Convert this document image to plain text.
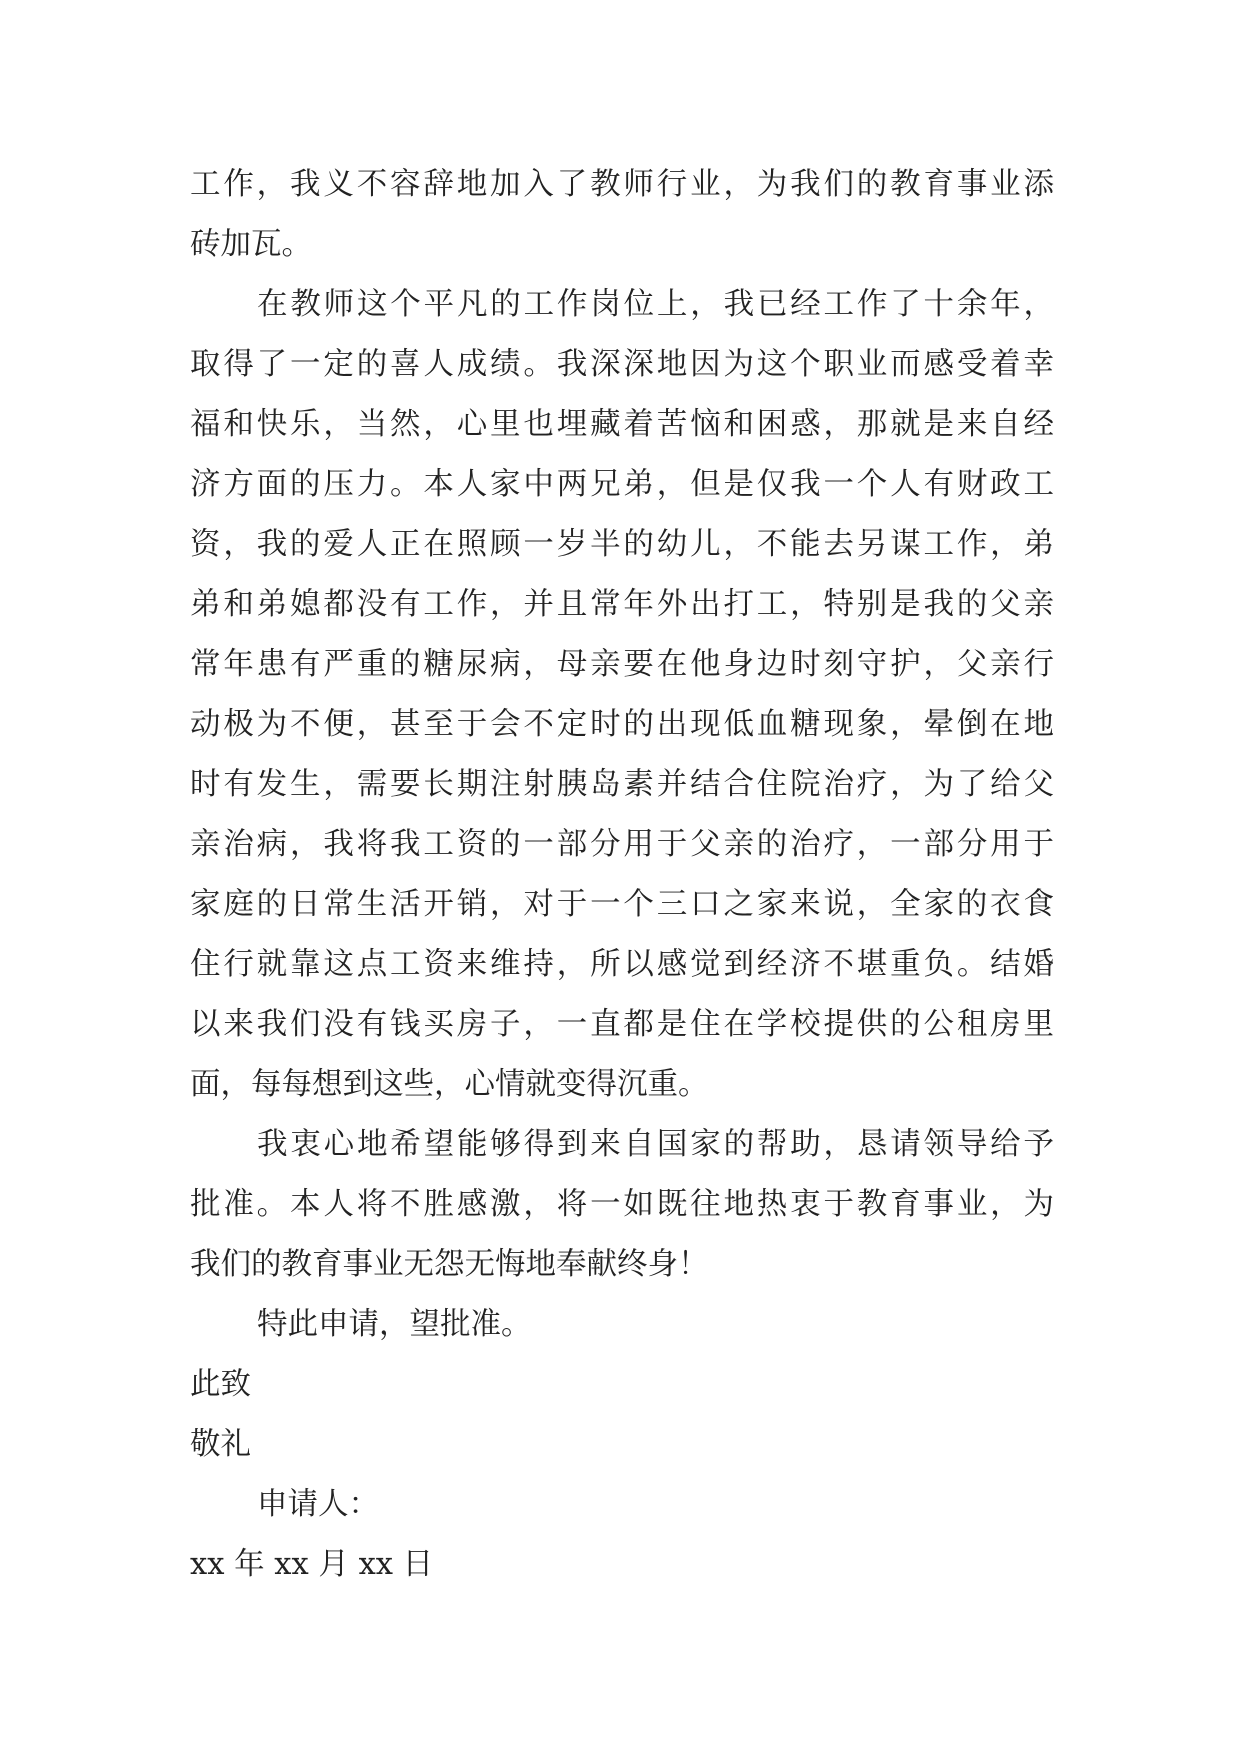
工作，我义不容辞地加入了教师行业，为我们的教育事业添
砖加瓦。
在教师这个平凡的工作岗位上，我已经工作了十余年，
取得了一定的喜人成绩。我深深地因为这个职业而感受着幸
福和快乐，当然，心里也埋藏着苦恼和困惑，那就是来自经
济方面的压力。本人家中两兄弟，但是仅我一个人有财政工
资，我的爱人正在照顾一岁半的幼儿，不能去另谋工作，弟
弟和弟媳都没有工作，并且常年外出打工，特别是我的父亲
常年患有严重的糖尿病，母亲要在他身边时刻守护，父亲行
动极为不便，甚至于会不定时的出现低血糖现象，晕倒在地
时有发生，需要长期注射胰岛素并结合住院治疗，为了给父
亲治病，我将我工资的一部分用于父亲的治疗，一部分用于
家庭的日常生活开销，对于一个三口之家来说，全家的衣食
住行就靠这点工资来维持，所以感觉到经济不堪重负。结婚
以来我们没有钱买房子，一直都是住在学校提供的公租房里
面，每每想到这些，心情就变得沉重。
我衷心地希望能够得到来自国家的帮助，恳请领导给予
批准。本人将不胜感激，将一如既往地热衷于教育事业，为
我们的教育事业无怨无悔地奉献终身！
特此申请，望批准。
此致
敬礼
申请人：
xx 年 xx 月 xx 日
